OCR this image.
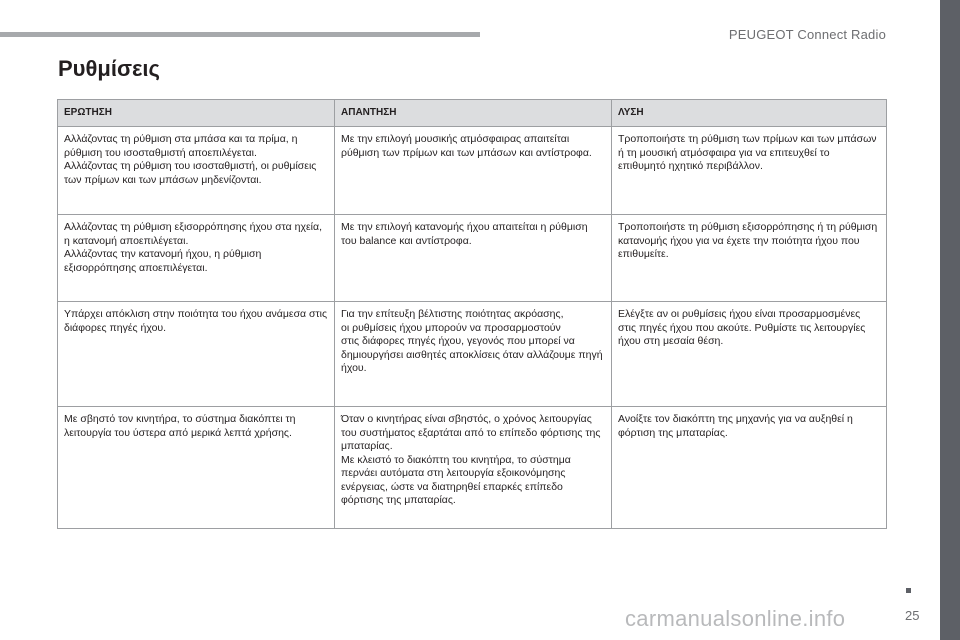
PEUGEOT Connect Radio
Ρυθμίσεις
ΕΡΩΤΗΣΗ	ΑΠΑΝΤΗΣΗ	ΛΥΣΗ
Αλλάζοντας τη ρύθμιση στα μπάσα και τα πρίμα, η ρύθμιση του ισοσταθμιστή αποεπιλέγεται.
Αλλάζοντας τη ρύθμιση του ισοσταθμιστή, οι ρυθμίσεις των πρίμων και των μπάσων μηδενίζονται.	Με την επιλογή μουσικής ατμόσφαιρας απαιτείται ρύθμιση των πρίμων και των μπάσων και αντίστροφα.	Τροποποιήστε τη ρύθμιση των πρίμων και των μπάσων ή τη μουσική ατμόσφαιρα για να επιτευχθεί το επιθυμητό ηχητικό περιβάλλον.
Αλλάζοντας τη ρύθμιση εξισορρόπησης ήχου στα ηχεία, η κατανομή αποεπιλέγεται.
Αλλάζοντας την κατανομή ήχου, η ρύθμιση εξισορρόπησης αποεπιλέγεται.	Με την επιλογή κατανομής ήχου απαιτείται η ρύθμιση του balance και αντίστροφα.	Τροποποιήστε τη ρύθμιση εξισορρόπησης ή τη ρύθμιση κατανομής ήχου για να έχετε την ποιότητα ήχου που επιθυμείτε.
Υπάρχει απόκλιση στην ποιότητα του ήχου ανάμεσα στις διάφορες πηγές ήχου.	Για την επίτευξη βέλτιστης ποιότητας ακρόασης,
οι ρυθμίσεις ήχου μπορούν να προσαρμοστούν
στις διάφορες πηγές ήχου, γεγονός που μπορεί να δημιουργήσει αισθητές αποκλίσεις όταν αλλάζουμε πηγή ήχου.	Ελέγξτε αν οι ρυθμίσεις ήχου είναι προσαρμοσμένες στις πηγές ήχου που ακούτε. Ρυθμίστε τις λειτουργίες ήχου στη μεσαία θέση.
Με σβηστό τον κινητήρα, το σύστημα διακόπτει τη λειτουργία του ύστερα από μερικά λεπτά χρήσης.	Όταν ο κινητήρας είναι σβηστός, ο χρόνος λειτουργίας του συστήματος εξαρτάται από το επίπεδο φόρτισης της μπαταρίας.
Με κλειστό το διακόπτη του κινητήρα, το σύστημα περνάει αυτόματα στη λειτουργία εξοικονόμησης ενέργειας, ώστε να διατηρηθεί επαρκές επίπεδο φόρτισης της μπαταρίας.	Ανοίξτε τον διακόπτη της μηχανής για να αυξηθεί η φόρτιση της μπαταρίας.
25
carmanualsonline.info
